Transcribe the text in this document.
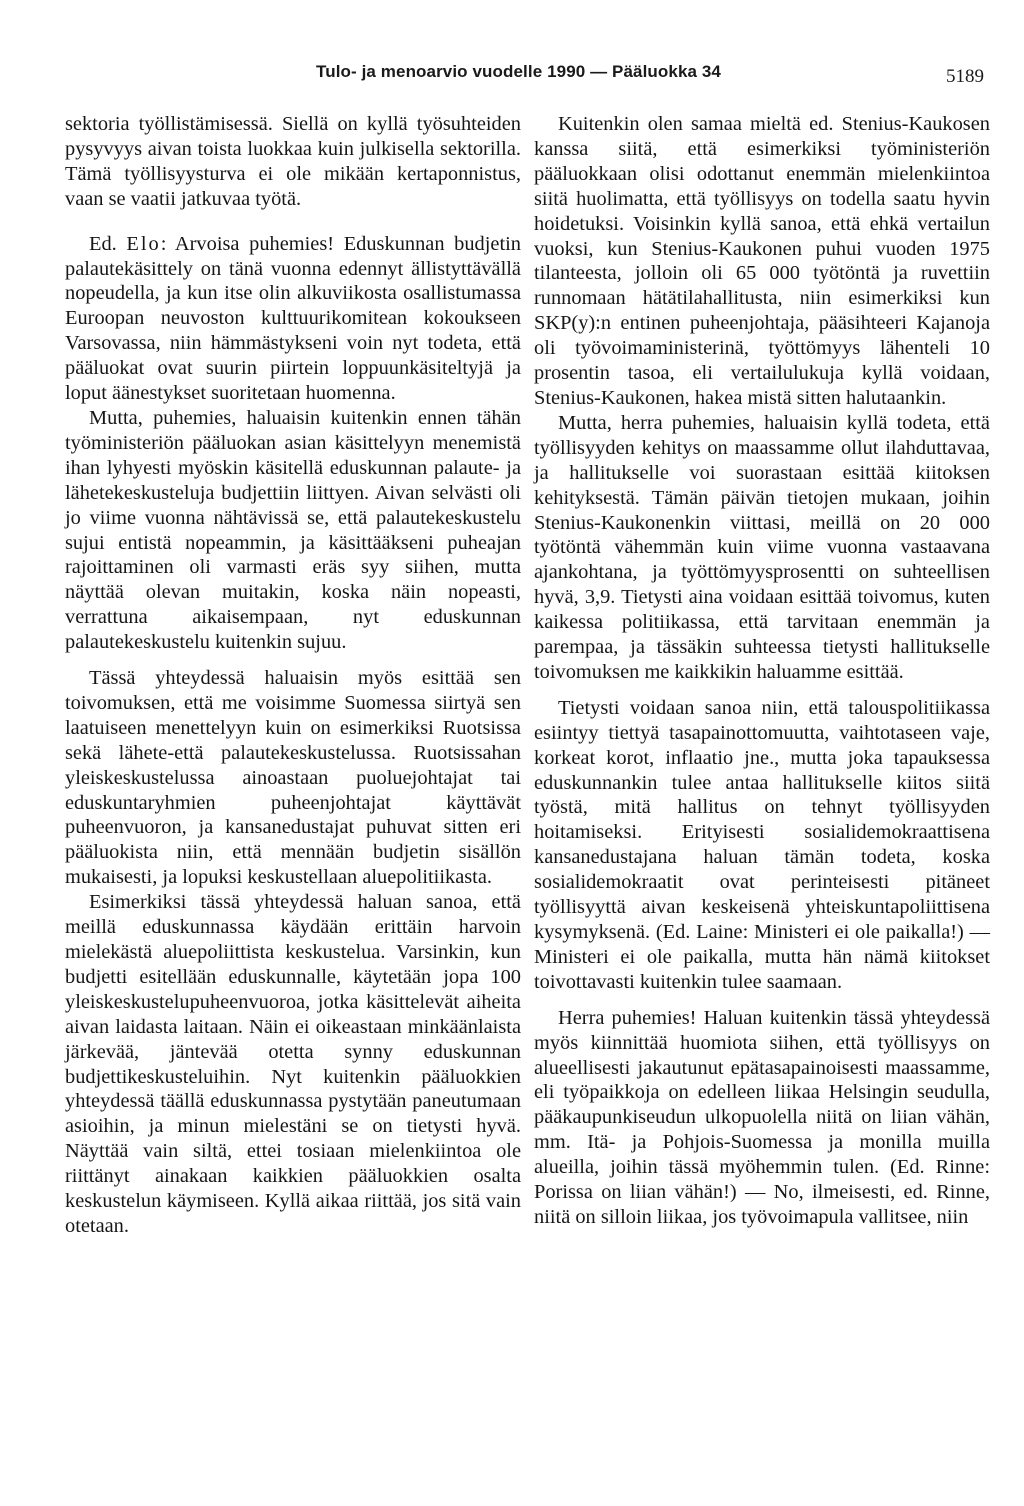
Tulo- ja menoarvio vuodelle 1990 — Pääluokka 34	5189

sektoria työllistämisessä. Siellä on kyllä työsuhteiden pysyvyys aivan toista luokkaa kuin julkisella sektorilla. Tämä työllisyysturva ei ole mikään kertaponnistus, vaan se vaatii jatkuvaa työtä.

Ed. Elo: Arvoisa puhemies! Eduskunnan budjetin palautekäsittely on tänä vuonna edennyt ällistyttävällä nopeudella, ja kun itse olin alkuviikosta osallistumassa Euroopan neuvoston kulttuurikomitean kokoukseen Varsovassa, niin hämmästykseni voin nyt todeta, että pääluokat ovat suurin piirtein loppuunkäsiteltyjä ja loput äänestykset suoritetaan huomenna.

Mutta, puhemies, haluaisin kuitenkin ennen tähän työministeriön pääluokan asian käsittelyyn menemistä ihan lyhyesti myöskin käsitellä eduskunnan palaute- ja lähetekeskusteluja budjettiin liittyen. Aivan selvästi oli jo viime vuonna nähtävissä se, että palautekeskustelu sujui entistä nopeammin, ja käsittääkseni puheajan rajoittaminen oli varmasti eräs syy siihen, mutta näyttää olevan muitakin, koska näin nopeasti, verrattuna aikaisempaan, nyt eduskunnan palautekeskustelu kuitenkin sujuu.

Tässä yhteydessä haluaisin myös esittää sen toivomuksen, että me voisimme Suomessa siirtyä sen laatuiseen menettelyyn kuin on esimerkiksi Ruotsissa sekä lähete-että palautekeskustelussa. Ruotsissahan yleiskeskustelussa ainoastaan puoluejohtajat tai eduskuntaryhmien puheenjohtajat käyttävät puheenvuoron, ja kansanedustajat puhuvat sitten eri pääluokista niin, että mennään budjetin sisällön mukaisesti, ja lopuksi keskustellaan aluepolitiikasta.

Esimerkiksi tässä yhteydessä haluan sanoa, että meillä eduskunnassa käydään erittäin harvoin mielekästä aluepoliittista keskustelua. Varsinkin, kun budjetti esitellään eduskunnalle, käytetään jopa 100 yleiskeskustelupuheenvuoroa, jotka käsittelevät aiheita aivan laidasta laitaan. Näin ei oikeastaan minkäänlaista järkevää, jäntevää otetta synny eduskunnan budjettikeskusteluihin. Nyt kuitenkin pääluokkien yhteydessä täällä eduskunnassa pystytään paneutumaan asioihin, ja minun mielestäni se on tietysti hyvä. Näyttää vain siltä, ettei tosiaan mielenkiintoa ole riittänyt ainakaan kaikkien pääluokkien osalta keskustelun käymiseen. Kyllä aikaa riittää, jos sitä vain otetaan.

Kuitenkin olen samaa mieltä ed. Stenius-Kaukosen kanssa siitä, että esimerkiksi työministeriön pääluokkaan olisi odottanut enemmän mielenkiintoa siitä huolimatta, että työllisyys on todella saatu hyvin hoidetuksi. Voisinkin kyllä sanoa, että ehkä vertailun vuoksi, kun Stenius-Kaukonen puhui vuoden 1975 tilanteesta, jolloin oli 65 000 työtöntä ja ruvettiin runnomaan hätätilahallitusta, niin esimerkiksi kun SKP(y):n entinen puheenjohtaja, pääsihteeri Kajanoja oli työvoimaministerinä, työttömyys lähenteli 10 prosentin tasoa, eli vertailulukuja kyllä voidaan, Stenius-Kaukonen, hakea mistä sitten halutaankin.

Mutta, herra puhemies, haluaisin kyllä todeta, että työllisyyden kehitys on maassamme ollut ilahduttavaa, ja hallitukselle voi suorastaan esittää kiitoksen kehityksestä. Tämän päivän tietojen mukaan, joihin Stenius-Kaukonenkin viittasi, meillä on 20 000 työtöntä vähemmän kuin viime vuonna vastaavana ajankohtana, ja työttömyysprosentti on suhteellisen hyvä, 3,9. Tietysti aina voidaan esittää toivomus, kuten kaikessa politiikassa, että tarvitaan enemmän ja parempaa, ja tässäkin suhteessa tietysti hallitukselle toivomuksen me kaikkikin haluamme esittää.

Tietysti voidaan sanoa niin, että talouspolitiikassa esiintyy tiettyä tasapainottomuutta, vaihtotaseen vaje, korkeat korot, inflaatio jne., mutta joka tapauksessa eduskunnankin tulee antaa hallitukselle kiitos siitä työstä, mitä hallitus on tehnyt työllisyyden hoitamiseksi. Erityisesti sosialidemokraattisena kansanedustajana haluan tämän todeta, koska sosialidemokraatit ovat perinteisesti pitäneet työllisyyttä aivan keskeisenä yhteiskuntapoliittisena kysymyksenä. (Ed. Laine: Ministeri ei ole paikalla!) — Ministeri ei ole paikalla, mutta hän nämä kiitokset toivottavasti kuitenkin tulee saamaan.

Herra puhemies! Haluan kuitenkin tässä yhteydessä myös kiinnittää huomiota siihen, että työllisyys on alueellisesti jakautunut epätasapainoisesti maassamme, eli työpaikkoja on edelleen liikaa Helsingin seudulla, pääkaupunkiseudun ulkopuolella niitä on liian vähän, mm. Itä- ja Pohjois-Suomessa ja monilla muilla alueilla, joihin tässä myöhemmin tulen. (Ed. Rinne: Porissa on liian vähän!) — No, ilmeisesti, ed. Rinne, niitä on silloin liikaa, jos työvoimapula vallitsee, niin
